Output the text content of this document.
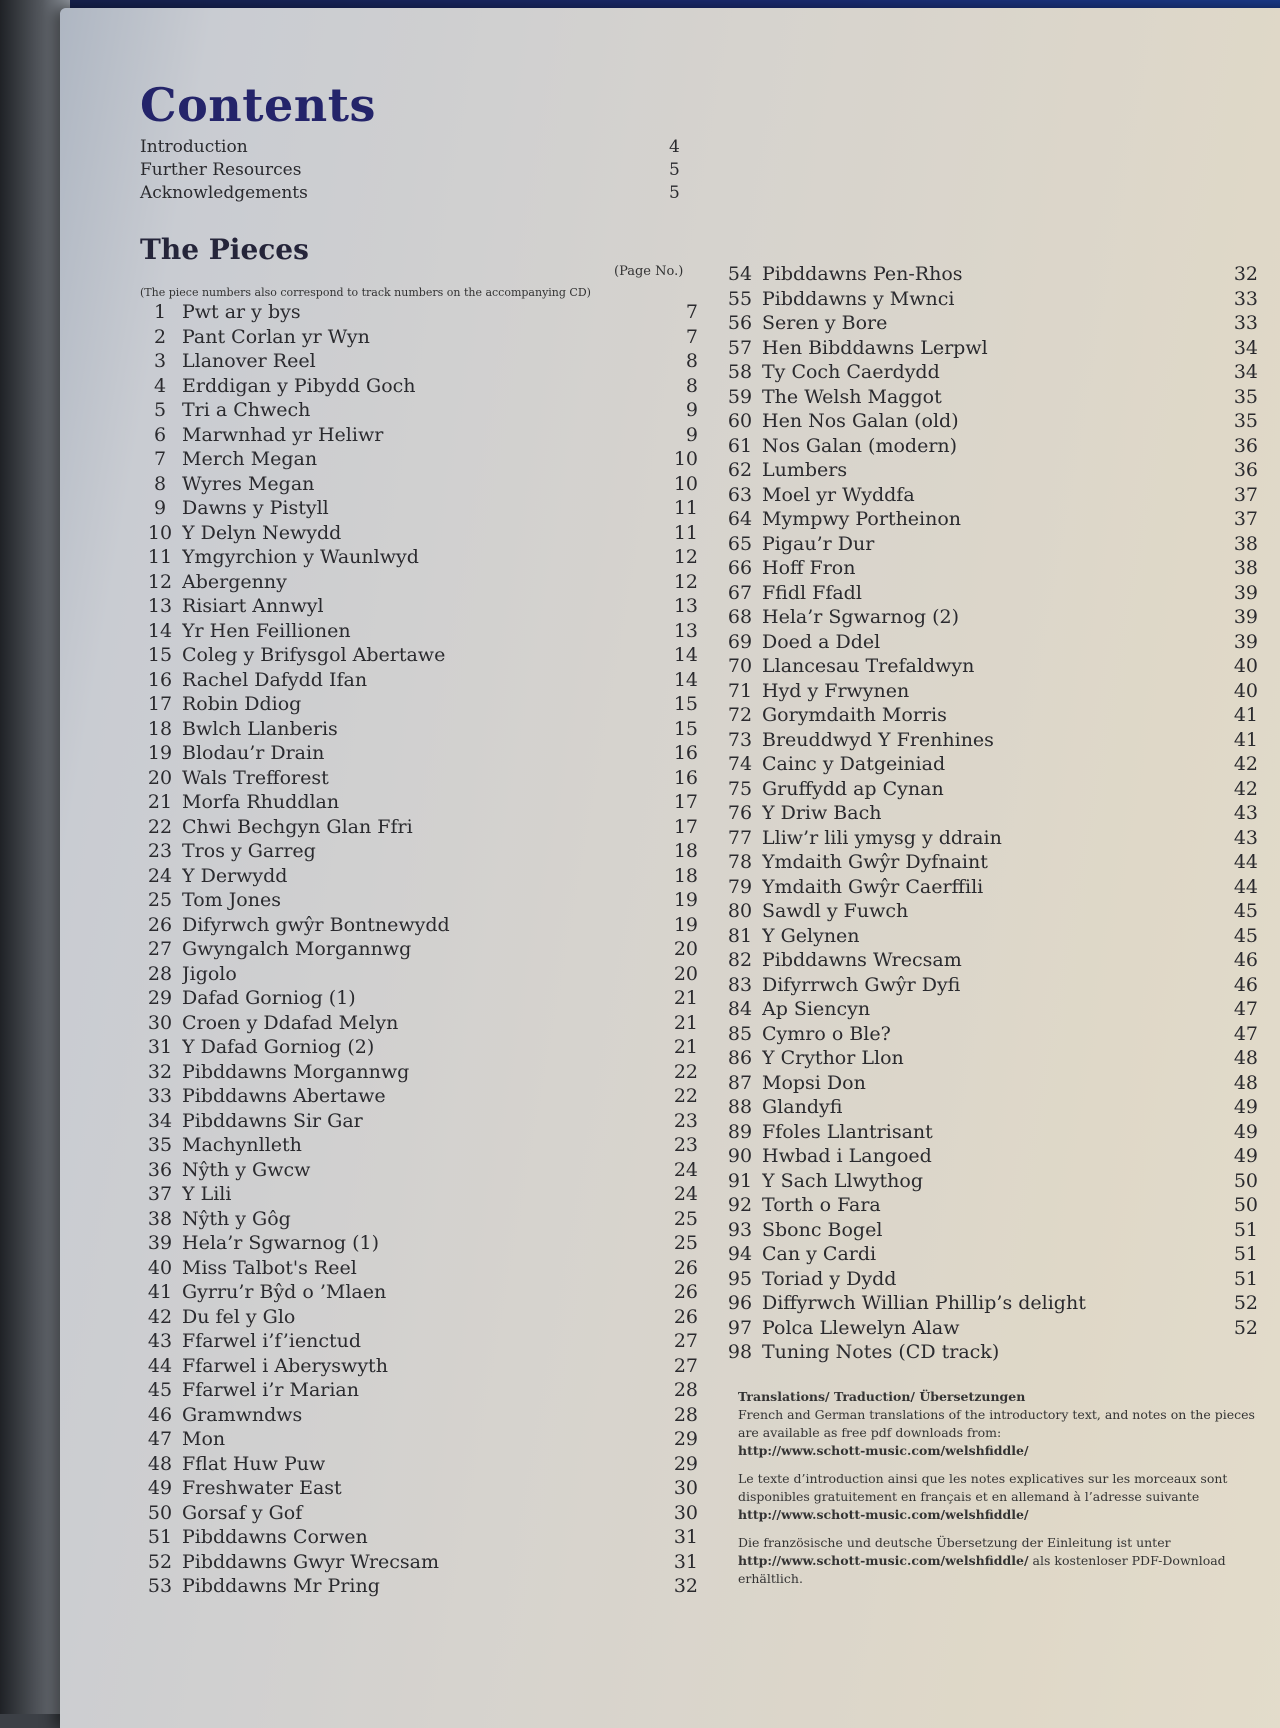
Contents
Introduction	4
Further Resources	5
Acknowledgements	5
The Pieces
(Page No.)
(The piece numbers also correspond to track numbers on the accompanying CD)
1 Pwt ar y bys	7
2 Pant Corlan yr Wyn	7
3 Llanover Reel	8
4 Erddigan y Pibydd Goch	8
5 Tri a Chwech	9
6 Marwnhad yr Heliwr	9
7 Merch Megan	10
8 Wyres Megan	10
9 Dawns y Pistyll	11
10 Y Delyn Newydd	11
11 Ymgyrchion y Waunlwyd	12
12 Abergenny	12
13 Risiart Annwyl	13
14 Yr Hen Feillionen	13
15 Coleg y Brifysgol Abertawe	14
16 Rachel Dafydd Ifan	14
17 Robin Ddiog	15
18 Bwlch Llanberis	15
19 Blodau’r Drain	16
20 Wals Trefforest	16
21 Morfa Rhuddlan	17
22 Chwi Bechgyn Glan Ffri	17
23 Tros y Garreg	18
24 Y Derwydd	18
25 Tom Jones	19
26 Difyrwch gwŷr Bontnewydd	19
27 Gwyngalch Morgannwg	20
28 Jigolo	20
29 Dafad Gorniog (1)	21
30 Croen y Ddafad Melyn	21
31 Y Dafad Gorniog (2)	21
32 Pibddawns Morgannwg	22
33 Pibddawns Abertawe	22
34 Pibddawns Sir Gar	23
35 Machynlleth	23
36 Nŷth y Gwcw	24
37 Y Lili	24
38 Nŷth y Gôg	25
39 Hela’r Sgwarnog (1)	25
40 Miss Talbot's Reel	26
41 Gyrru’r Bŷd o ’Mlaen	26
42 Du fel y Glo	26
43 Ffarwel i’f’ienctud	27
44 Ffarwel i Aberyswyth	27
45 Ffarwel i’r Marian	28
46 Gramwndws	28
47 Mon	29
48 Fflat Huw Puw	29
49 Freshwater East	30
50 Gorsaf y Gof	30
51 Pibddawns Corwen	31
52 Pibddawns Gwyr Wrecsam	31
53 Pibddawns Mr Pring	32
54 Pibddawns Pen-Rhos	32
55 Pibddawns y Mwnci	33
56 Seren y Bore	33
57 Hen Bibddawns Lerpwl	34
58 Ty Coch Caerdydd	34
59 The Welsh Maggot	35
60 Hen Nos Galan (old)	35
61 Nos Galan (modern)	36
62 Lumbers	36
63 Moel yr Wyddfa	37
64 Mympwy Portheinon	37
65 Pigau’r Dur	38
66 Hoff Fron	38
67 Ffidl Ffadl	39
68 Hela’r Sgwarnog (2)	39
69 Doed a Ddel	39
70 Llancesau Trefaldwyn	40
71 Hyd y Frwynen	40
72 Gorymdaith Morris	41
73 Breuddwyd Y Frenhines	41
74 Cainc y Datgeiniad	42
75 Gruffydd ap Cynan	42
76 Y Driw Bach	43
77 Lliw’r lili ymysg y ddrain	43
78 Ymdaith Gwŷr Dyfnaint	44
79 Ymdaith Gwŷr Caerffili	44
80 Sawdl y Fuwch	45
81 Y Gelynen	45
82 Pibddawns Wrecsam	46
83 Difyrrwch Gwŷr Dyfi	46
84 Ap Siencyn	47
85 Cymro o Ble?	47
86 Y Crythor Llon	48
87 Mopsi Don	48
88 Glandyfi	49
89 Ffoles Llantrisant	49
90 Hwbad i Langoed	49
91 Y Sach Llwythog	50
92 Torth o Fara	50
93 Sbonc Bogel	51
94 Can y Cardi	51
95 Toriad y Dydd	51
96 Diffyrwch Willian Phillip’s delight	52
97 Polca Llewelyn Alaw	52
98 Tuning Notes (CD track)

Translations/ Traduction/ Übersetzungen
French and German translations of the introductory text, and notes on the pieces are available as free pdf downloads from:
http://www.schott-music.com/welshfiddle/

Le texte d’introduction ainsi que les notes explicatives sur les morceaux sont disponibles gratuitement en français et en allemand à l’adresse suivante
http://www.schott-music.com/welshfiddle/

Die französische und deutsche Übersetzung der Einleitung ist unter
http://www.schott-music.com/welshfiddle/ als kostenloser PDF-Download erhältlich.
